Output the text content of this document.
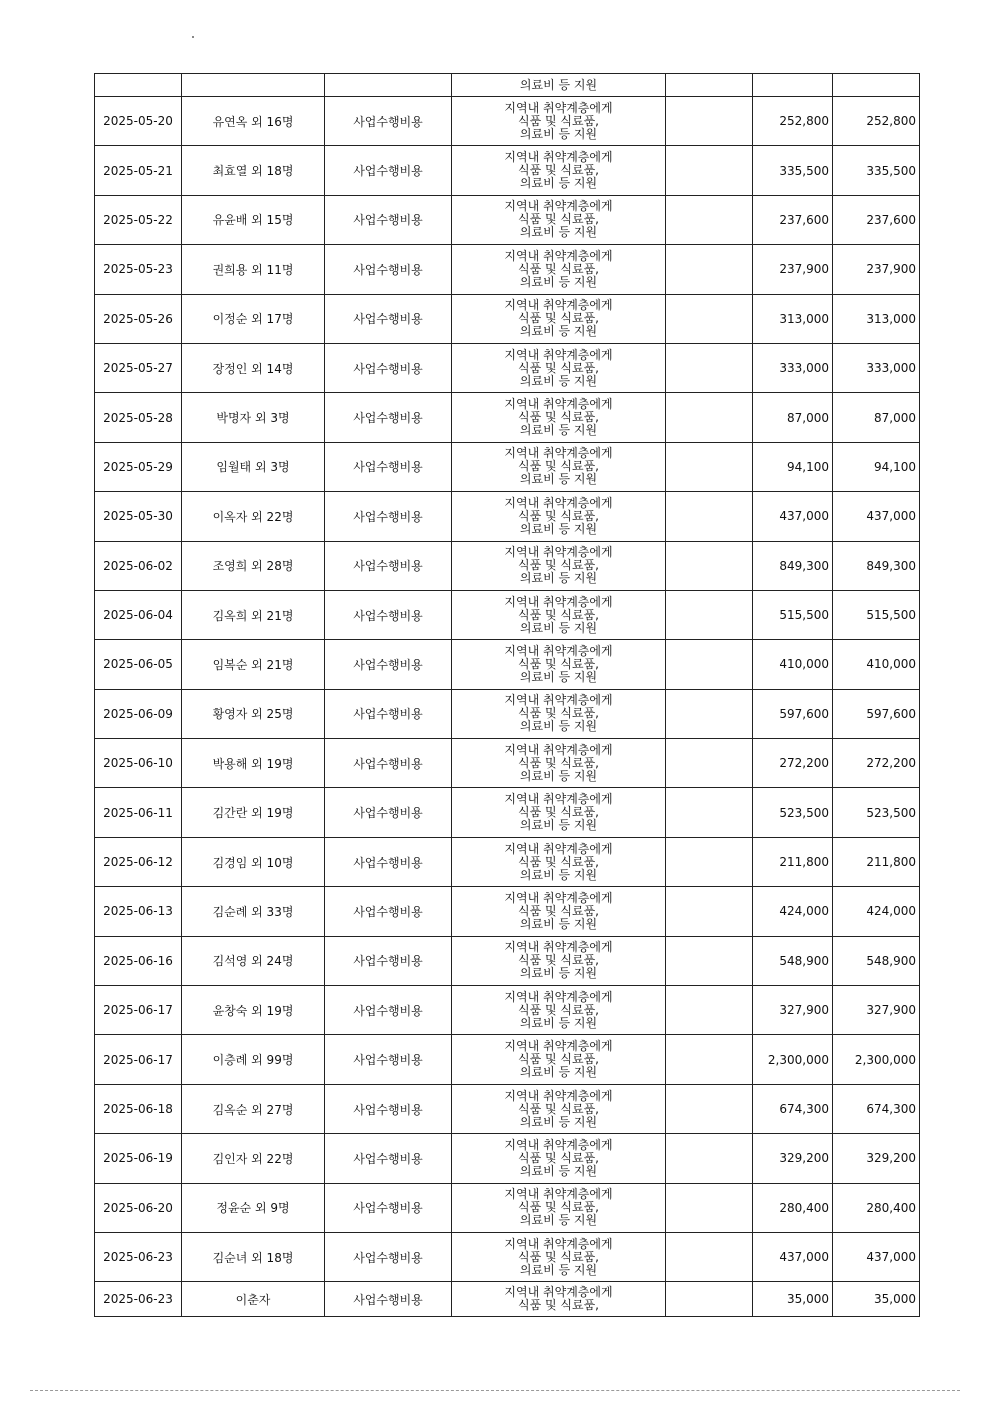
			의료비 등 지원			

2025-05-20	유연옥 외 16명	사업수행비용	지역내 취약계층에게
식품 및 식료품,
의료비 등 지원		252,800	252,800
2025-05-21	최효열 외 18명	사업수행비용	지역내 취약계층에게
식품 및 식료품,
의료비 등 지원		335,500	335,500
2025-05-22	유윤배 외 15명	사업수행비용	지역내 취약계층에게
식품 및 식료품,
의료비 등 지원		237,600	237,600
2025-05-23	권희용 외 11명	사업수행비용	지역내 취약계층에게
식품 및 식료품,
의료비 등 지원		237,900	237,900
2025-05-26	이정순 외 17명	사업수행비용	지역내 취약계층에게
식품 및 식료품,
의료비 등 지원		313,000	313,000
2025-05-27	장정인 외 14명	사업수행비용	지역내 취약계층에게
식품 및 식료품,
의료비 등 지원		333,000	333,000
2025-05-28	박명자 외 3명	사업수행비용	지역내 취약계층에게
식품 및 식료품,
의료비 등 지원		87,000	87,000
2025-05-29	임월태 외 3명	사업수행비용	지역내 취약계층에게
식품 및 식료품,
의료비 등 지원		94,100	94,100
2025-05-30	이옥자 외 22명	사업수행비용	지역내 취약계층에게
식품 및 식료품,
의료비 등 지원		437,000	437,000
2025-06-02	조영희 외 28명	사업수행비용	지역내 취약계층에게
식품 및 식료품,
의료비 등 지원		849,300	849,300
2025-06-04	김옥희 외 21명	사업수행비용	지역내 취약계층에게
식품 및 식료품,
의료비 등 지원		515,500	515,500
2025-06-05	임복순 외 21명	사업수행비용	지역내 취약계층에게
식품 및 식료품,
의료비 등 지원		410,000	410,000
2025-06-09	황영자 외 25명	사업수행비용	지역내 취약계층에게
식품 및 식료품,
의료비 등 지원		597,600	597,600
2025-06-10	박용해 외 19명	사업수행비용	지역내 취약계층에게
식품 및 식료품,
의료비 등 지원		272,200	272,200
2025-06-11	김간란 외 19명	사업수행비용	지역내 취약계층에게
식품 및 식료품,
의료비 등 지원		523,500	523,500
2025-06-12	김경임 외 10명	사업수행비용	지역내 취약계층에게
식품 및 식료품,
의료비 등 지원		211,800	211,800
2025-06-13	김순례 외 33명	사업수행비용	지역내 취약계층에게
식품 및 식료품,
의료비 등 지원		424,000	424,000
2025-06-16	김석영 외 24명	사업수행비용	지역내 취약계층에게
식품 및 식료품,
의료비 등 지원		548,900	548,900
2025-06-17	윤창숙 외 19명	사업수행비용	지역내 취약계층에게
식품 및 식료품,
의료비 등 지원		327,900	327,900
2025-06-17	이층례 외 99명	사업수행비용	지역내 취약계층에게
식품 및 식료품,
의료비 등 지원		2,300,000	2,300,000
2025-06-18	김옥순 외 27명	사업수행비용	지역내 취약계층에게
식품 및 식료품,
의료비 등 지원		674,300	674,300
2025-06-19	김인자 외 22명	사업수행비용	지역내 취약계층에게
식품 및 식료품,
의료비 등 지원		329,200	329,200
2025-06-20	정윤순 외 9명	사업수행비용	지역내 취약계층에게
식품 및 식료품,
의료비 등 지원		280,400	280,400
2025-06-23	김순녀 외 18명	사업수행비용	지역내 취약계층에게
식품 및 식료품,
의료비 등 지원		437,000	437,000
2025-06-23	이춘자	사업수행비용	지역내 취약계층에게
식품 및 식료품,		35,000	35,000
